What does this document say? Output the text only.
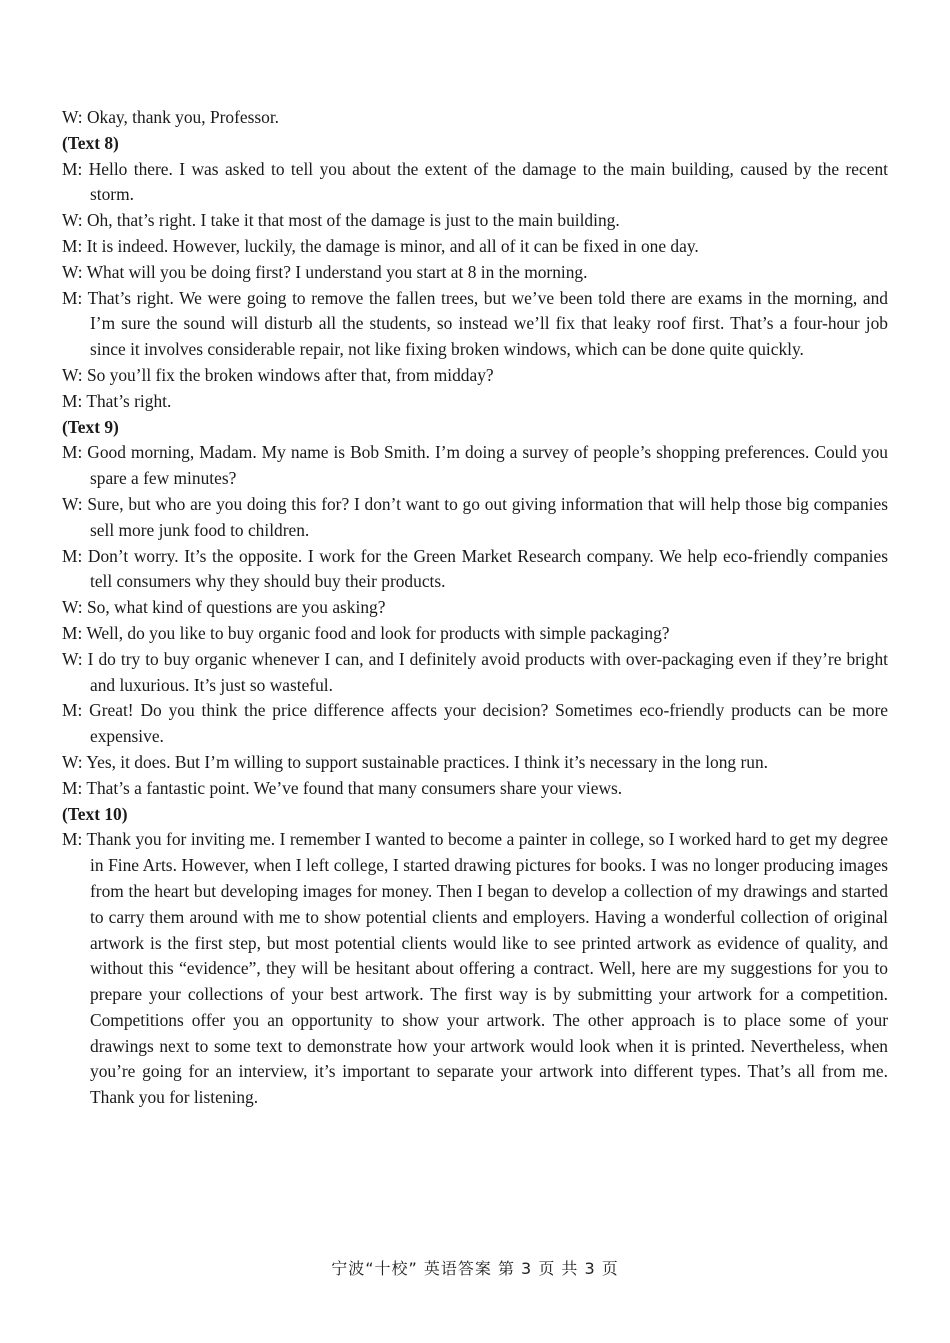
W: Okay, thank you, Professor.

(Text 8)

M: Hello there. I was asked to tell you about the extent of the damage to the main building, caused by the recent storm.

W: Oh, that’s right. I take it that most of the damage is just to the main building.

M: It is indeed. However, luckily, the damage is minor, and all of it can be fixed in one day.

W: What will you be doing first? I understand you start at 8 in the morning.

M: That’s right. We were going to remove the fallen trees, but we’ve been told there are exams in the morning, and I’m sure the sound will disturb all the students, so instead we’ll fix that leaky roof first. That’s a four-hour job since it involves considerable repair, not like fixing broken windows, which can be done quite quickly.

W: So you’ll fix the broken windows after that, from midday?

M: That’s right.

(Text 9)

M: Good morning, Madam. My name is Bob Smith. I’m doing a survey of people’s shopping preferences. Could you spare a few minutes?

W: Sure, but who are you doing this for? I don’t want to go out giving information that will help those big companies sell more junk food to children.

M: Don’t worry. It’s the opposite. I work for the Green Market Research company. We help eco-friendly companies tell consumers why they should buy their products.

W: So, what kind of questions are you asking?

M: Well, do you like to buy organic food and look for products with simple packaging?

W: I do try to buy organic whenever I can, and I definitely avoid products with over-packaging even if they’re bright and luxurious. It’s just so wasteful.

M: Great! Do you think the price difference affects your decision? Sometimes eco-friendly products can be more expensive.

W: Yes, it does. But I’m willing to support sustainable practices. I think it’s necessary in the long run.

M: That’s a fantastic point. We’ve found that many consumers share your views.

(Text 10)

M: Thank you for inviting me. I remember I wanted to become a painter in college, so I worked hard to get my degree in Fine Arts. However, when I left college, I started drawing pictures for books. I was no longer producing images from the heart but developing images for money. Then I began to develop a collection of my drawings and started to carry them around with me to show potential clients and employers. Having a wonderful collection of original artwork is the first step, but most potential clients would like to see printed artwork as evidence of quality, and without this “evidence”, they will be hesitant about offering a contract. Well, here are my suggestions for you to prepare your collections of your best artwork. The first way is by submitting your artwork for a competition. Competitions offer you an opportunity to show your artwork. The other approach is to place some of your drawings next to some text to demonstrate how your artwork would look when it is printed. Nevertheless, when you’re going for an interview, it’s important to separate your artwork into different types. That’s all from me. Thank you for listening.

宁波“十校” 英语答案 第 3 页 共 3 页
